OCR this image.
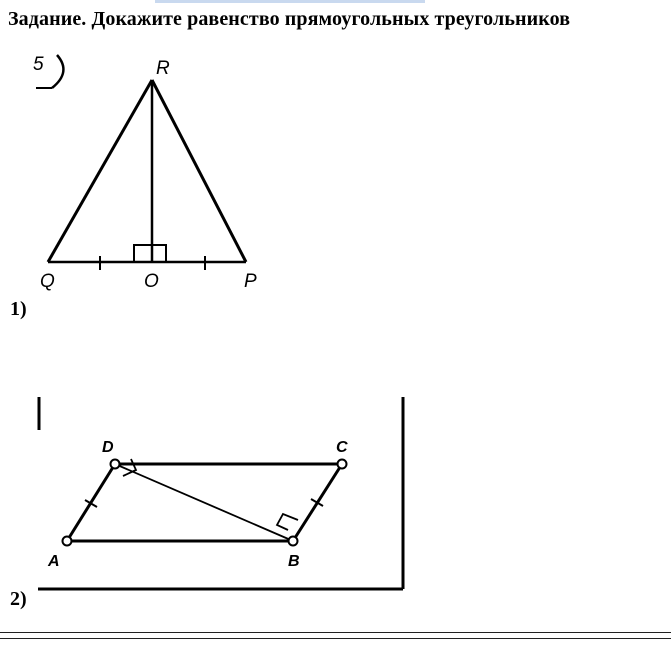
Задание. Докажите равенство прямоугольных треугольников
5	R
Q	O	P
1)
A	B
C
D
2)
